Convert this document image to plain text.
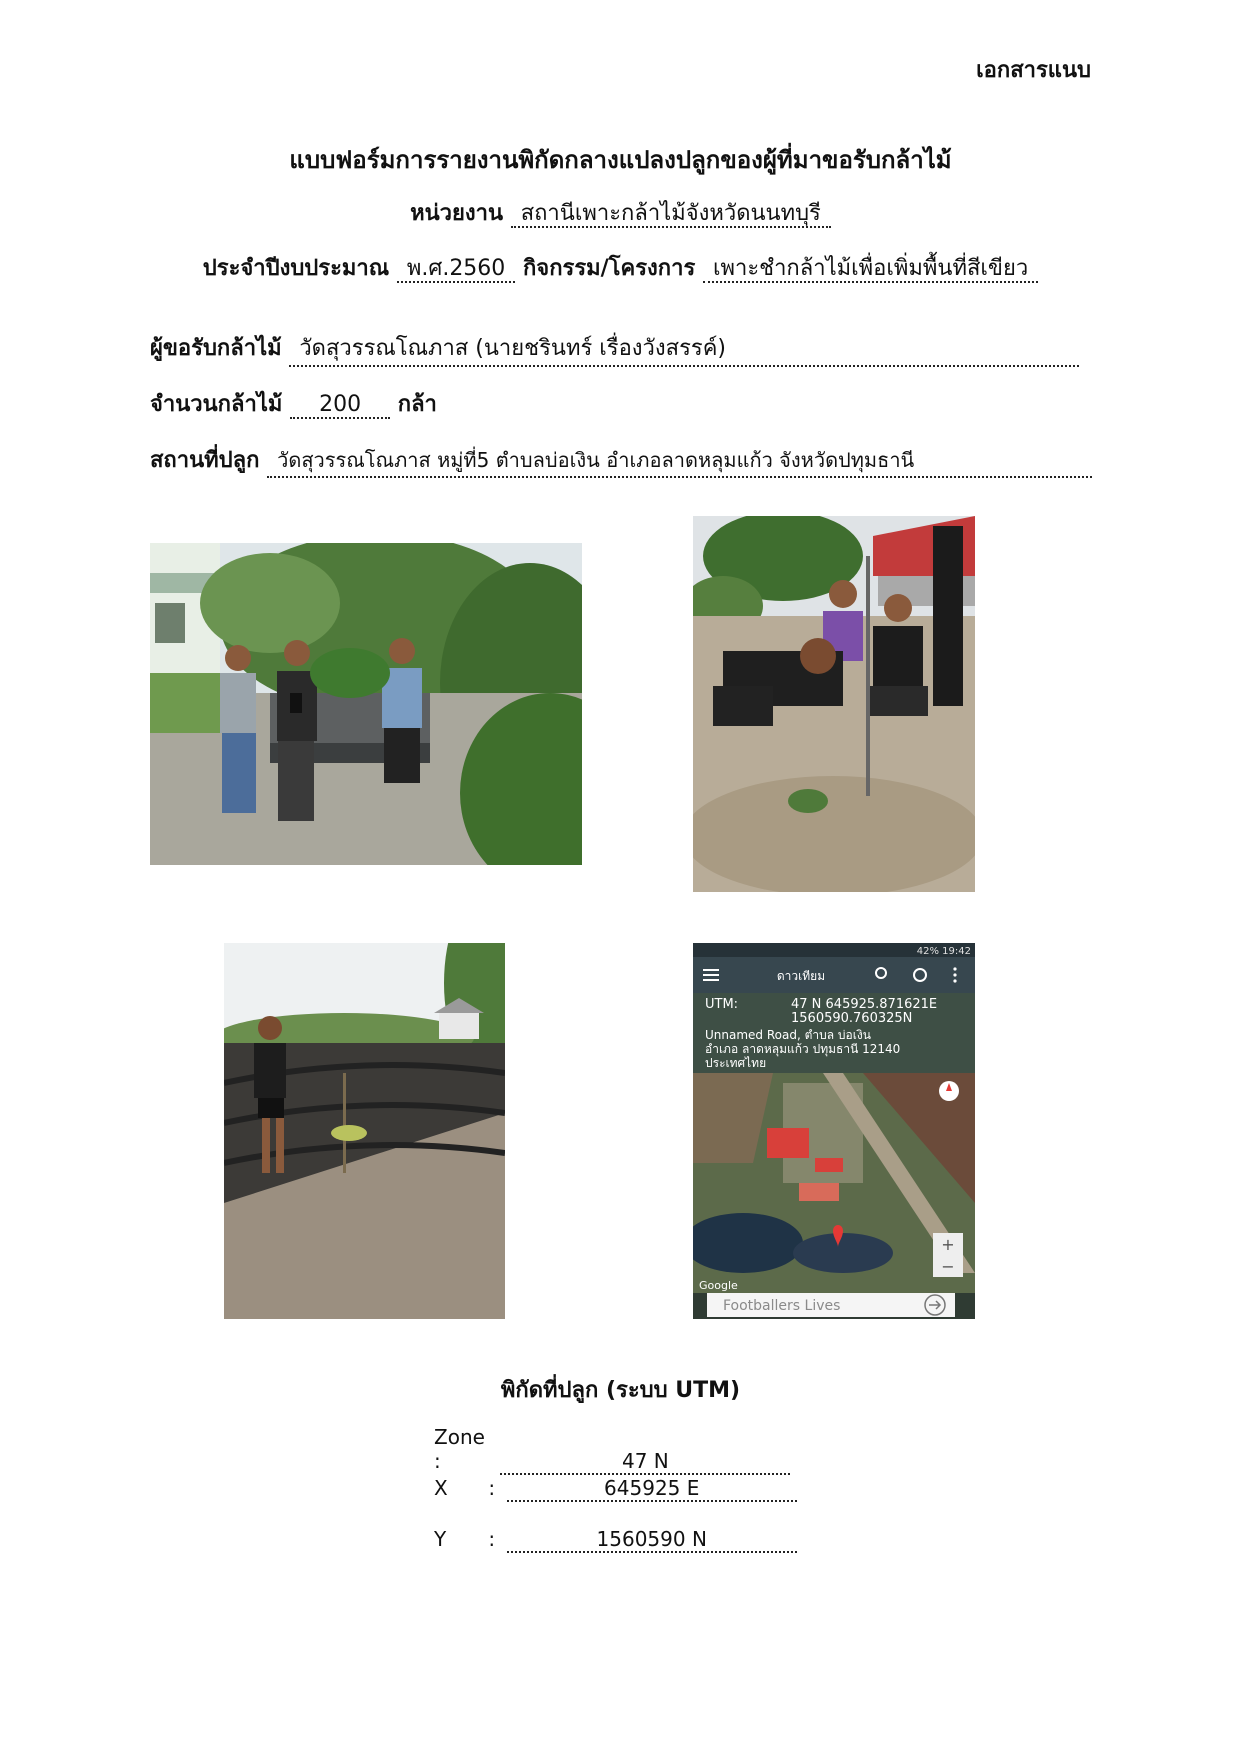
เอกสารแนบ
แบบฟอร์มการรายงานพิกัดกลางแปลงปลูกของผู้ที่มาขอรับกล้าไม้
หน่วยงาน สถานีเพาะกล้าไม้จังหวัดนนทบุรี
ประจำปีงบประมาณ พ.ศ.2560 กิจกรรม/โครงการ เพาะชำกล้าไม้เพื่อเพิ่มพื้นที่สีเขียว
ผู้ขอรับกล้าไม้ วัดสุวรรณโณภาส (นายชรินทร์ เรื่องวังสรรค์)
จำนวนกล้าไม้ 200 กล้า
สถานที่ปลูก วัดสุวรรณโณภาส หมู่ที่5 ตำบลบ่อเงิน อำเภอลาดหลุมแก้ว จังหวัดปทุมธานี
42% 19:42
ดาวเทียม
UTM:	47 N 645925.871621E
1560590.760325N
Unnamed Road, ตำบล บ่อเงิน
อำเภอ ลาดหลุมแก้ว ปทุมธานี 12140
ประเทศไทย
+
−
Google
Footballers Lives
พิกัดที่ปลูก (ระบบ UTM)
Zone :	47 N
X :	645925 E
Y :	1560590 N
